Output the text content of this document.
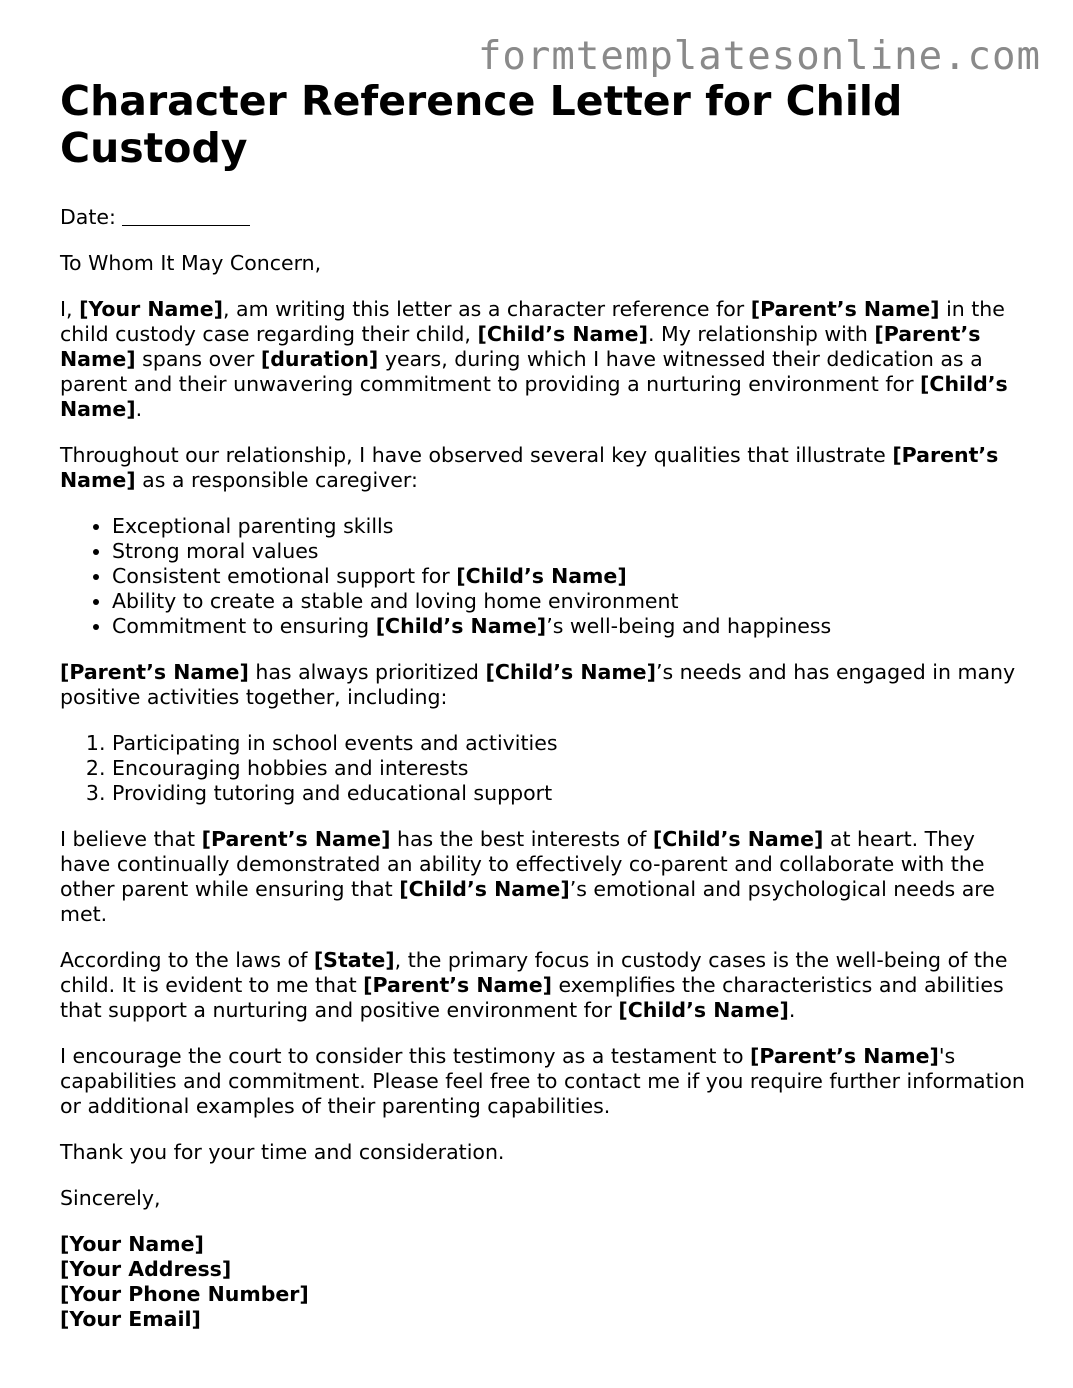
formtemplatesonline.com
Character Reference Letter for Child Custody

Date:

To Whom It May Concern,

I, [Your Name], am writing this letter as a character reference for [Parent’s Name] in the child custody case regarding their child, [Child’s Name]. My relationship with [Parent’s Name] spans over [duration] years, during which I have witnessed their dedication as a parent and their unwavering commitment to providing a nurturing environment for [Child’s Name].

Throughout our relationship, I have observed several key qualities that illustrate [Parent’s Name] as a responsible caregiver:

• Exceptional parenting skills
• Strong moral values
• Consistent emotional support for [Child’s Name]
• Ability to create a stable and loving home environment
• Commitment to ensuring [Child’s Name]’s well-being and happiness

[Parent’s Name] has always prioritized [Child’s Name]’s needs and has engaged in many positive activities together, including:

1. Participating in school events and activities
2. Encouraging hobbies and interests
3. Providing tutoring and educational support

I believe that [Parent’s Name] has the best interests of [Child’s Name] at heart. They have continually demonstrated an ability to effectively co-parent and collaborate with the other parent while ensuring that [Child’s Name]’s emotional and psychological needs are met.

According to the laws of [State], the primary focus in custody cases is the well-being of the child. It is evident to me that [Parent’s Name] exemplifies the characteristics and abilities that support a nurturing and positive environment for [Child’s Name].

I encourage the court to consider this testimony as a testament to [Parent’s Name]'s capabilities and commitment. Please feel free to contact me if you require further information or additional examples of their parenting capabilities.

Thank you for your time and consideration.

Sincerely,

[Your Name]
[Your Address]
[Your Phone Number]
[Your Email]
